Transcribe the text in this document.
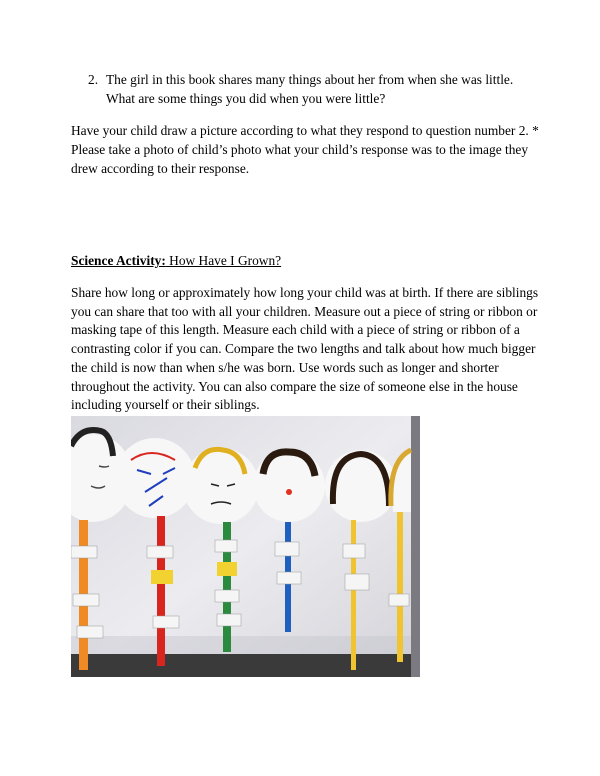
2. The girl in this book shares many things about her from when she was little. What are some things you did when you were little?
Have your child draw a picture according to what they respond to question number 2. * Please take a photo of child’s photo what your child’s response was to the image they drew according to their response.
Science Activity: How Have I Grown?
Share how long or approximately how long your child was at birth. If there are siblings you can share that too with all your children. Measure out a piece of string or ribbon or masking tape of this length. Measure each child with a piece of string or ribbon of a contrasting color if you can. Compare the two lengths and talk about how much bigger the child is now than when s/he was born. Use words such as longer and shorter throughout the activity. You can also compare the size of someone else in the house including yourself or their siblings.
